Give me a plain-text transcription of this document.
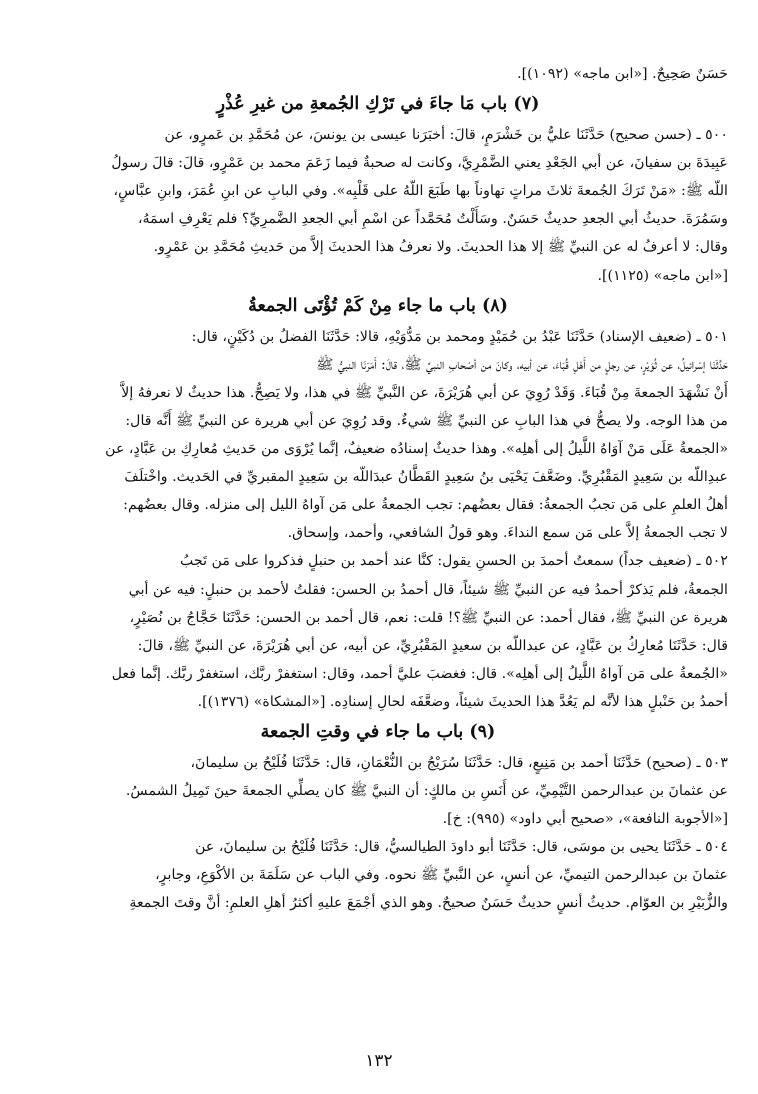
حَسَنٌ صَحِيحٌ. [«ابن ماجه» (١٠٩٢)].
(٧) باب مَا جاءَ في تَرْكِ الجُمعةِ من غيرِ عُذْرٍ
٥٠٠ ـ (حسن صحيح) حَدَّثَنَا عليُّ بن خَشْرَمٍ، قالَ: أخبَرَنا عيسى بن يونسَ، عن مُحَمَّدِ بن عَمرٍو، عن
عَبِيدَةَ بن سفيانَ، عن أبي الجَعْدِ يعني الضَّمْرِيَّ، وكانت له صحبةٌ فيما زَعَمَ محمد بن عَمْرٍو، قالَ: قالَ رسولُ
اللّه ﷺ: «مَنْ تَرَكَ الجُمعةَ ثلاثَ مراتٍ تهاوناً بها طَبَعَ اللّهُ على قَلْبِه». وفي البابِ عن ابنِ عُمَرَ، وابنِ عبَّاسٍ،
وسَمُرَةَ. حديثُ أبي الجعدِ حديثٌ حَسَنٌ. وسَأَلْتُ مُحَمَّداً عن اسْمِ أبي الجعدِ الضَّمرِيِّ؟ فلم يَعْرِفِ اسمَهُ،
وقال: لا أعرفُ له عن النبيِّ ﷺ إلا هذا الحديثَ. ولا نعرفُ هذا الحديثَ إلاَّ من حَديثِ مُحَمَّدِ بن عَمْرٍو.
[«ابن ماجه» (١١٢٥)].
(٨) باب ما جاء مِنْ كَمْ تُؤْتَى الجمعةُ
٥٠١ ـ (ضعيف الإسناد) حَدَّثَنَا عَبْدُ بن حُمَيْدٍ ومحمد بن مَدُّوَيْهِ، قالا: حَدَّثَنَا الفضلُ بن دُكَيْنٍ، قال:
حَدَّثَنَا إسْرائيلُ، عن ثُوَيْرٍ، عن رجلٍ من أَهْلِ قُبَاءَ، عن أبيه، وكانَ من أصْحابِ النبيِّ ﷺ، قالَ: أَمَرَنَا النبيُّ ﷺ
أَنْ نَشْهَدَ الجمعةَ مِنْ قُبَاءَ. وَقَدْ رُوِيَ عن أبي هُرَيْرَةَ، عن النَّبيِّ ﷺ في هذا، ولا يَصِحُّ. هذا حديثٌ لا نعرفهُ إلاَّ
من هذا الوجه. ولا يصحُّ في هذا البابِ عن النبيِّ ﷺ شيءٌ. وقد رُوِيَ عن أبي هريرة عن النبيِّ ﷺ أَنَّه قال:
«الجمعةُ عَلَى مَنْ آوَاهُ اللَّيلُ إلى أهلِه». وهذا حديثٌ إسنادُه ضعيفٌ، إنَّما يُرْوَى من حَديثِ مُعارِكِ بن عَبَّادٍ، عن
عبدِاللّه بن سَعِيدٍ المَقْبُرِيِّ. وضَعَّفَ يَحْيَى بنُ سَعِيدٍ القَطَّانُ عبدَاللّه بن سَعِيدٍ المقبريِّ في الحَديث. واخْتلَفَ
أهلُ العلمِ على مَن تجبُ الجمعةُ: فقال بعضُهم: تجب الجمعةُ على مَن آواهُ الليل إلى منزله. وقال بعضُهم:
لا تجب الجمعةُ إلاَّ على مَن سمع النداءَ. وهو قولُ الشافعي، وأحمد، وإسحاق.
٥٠٢ ـ (ضعيف جداً) سمعتُ أحمدَ بن الحسنِ يقول: كنَّا عند أحمد بن حنبلٍ فذكروا على مَن تَجبُ
الجمعةُ، فلم يَذكرْ أحمدُ فيه عن النبيِّ ﷺ شيئاً، قال أحمدُ بن الحسن: فقلتُ لأحمد بن حنبلٍ: فيه عن أبي
هريرة عن النبيِّ ﷺ، فقال أحمد: عن النبيِّ ﷺ؟! قلت: نعم، قال أحمد بن الحسن: حَدَّثَنَا حَجَّاجُ بن نُصَيْرٍ،
قال: حَدَّثَنَا مُعارِكُ بن عَبَّادٍ، عن عبداللّه بن سعيدٍ المَقْبُرِيِّ، عن أبيه، عن أبي هُرَيْرَةَ، عن النبيِّ ﷺ، قالَ:
«الجُمعةُ على مَن آواهُ اللَّيلُ إلى أهلِه». قال: فغضبَ عليَّ أحمد، وقال: استغفرْ ربَّك، استغفرْ ربَّك. إنَّما فعل
أحمدُ بن حَنْبلٍ هذا لأنَّه لم يَعُدَّ هذا الحديثَ شيئاً، وضعَّفَه لحالِ إسنادِه. [«المشكاة» (١٣٧٦)].
(٩) باب ما جاء في وقتِ الجمعة
٥٠٣ ـ (صحيح) حَدَّثَنَا أحمد بن مَنِيعٍ، قال: حَدَّثَنَا سُرَيْجُ بن النُّعْمَانِ، قال: حَدَّثَنَا فُلَيْحُ بن سليمانَ،
عن عثمانَ بن عبدالرحمن التَّيْمِيِّ، عن أَنَسِ بن مالكٍ: أن النبيَّ ﷺ كان يصلِّي الجمعةَ حينَ تَمِيلُ الشمسُ.
[«الأجوبة النافعة»، «صحيح أبي داود» (٩٩٥): خ].
٥٠٤ ـ حَدَّثَنَا يحيى بن موسَى، قال: حَدَّثَنَا أبو داودَ الطيالسيُّ، قال: حَدَّثَنَا فُلَيْحُ بن سليمانَ، عن
عثمانَ بن عبدالرحمن التيميِّ، عن أنسٍ، عن النَّبيِّ ﷺ نحوه. وفي الباب عن سَلَمَةَ بن الأكْوَعِ، وجابرٍ،
والزُّبَيْرِ بن العوّام. حديثُ أنسٍ حديثٌ حَسَنٌ صحيحٌ. وهو الذي أجْمَعَ عليهِ أكثرُ أهلِ العلمِ: أنَّ وقتَ الجمعةِ
١٣٢
